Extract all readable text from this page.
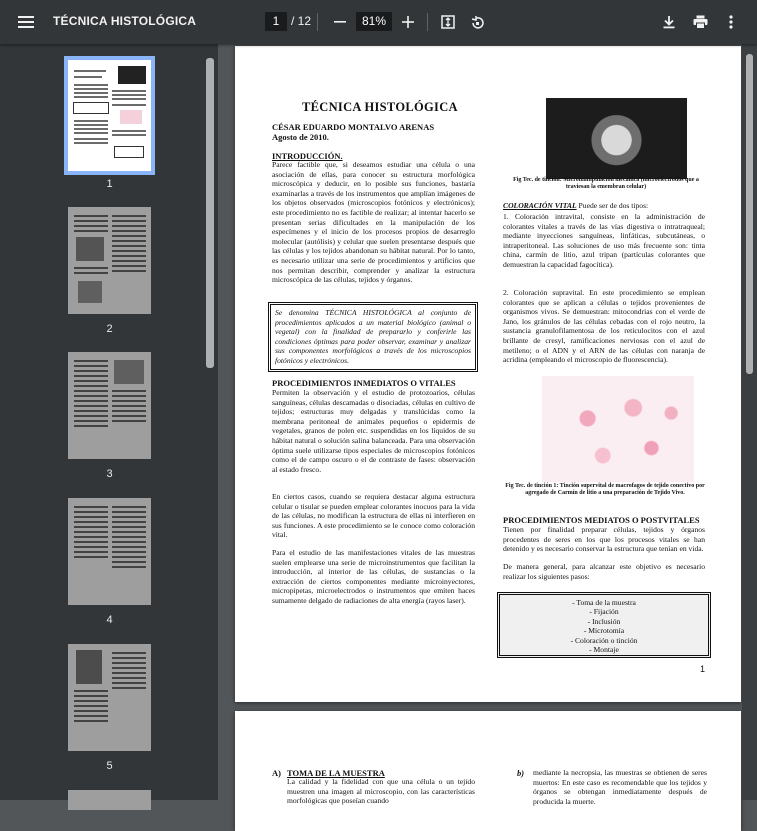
TÉCNICA HISTOLÓGICA	1 / 12	81%
1
2
3
4
5
TÉCNICA HISTOLÓGICA
CÉSAR EDUARDO MONTALVO ARENAS
Agosto de 2010.
INTRODUCCIÓN.
Parece factible que, si deseamos estudiar una célula o una asociación de ellas, para conocer su estructura morfológica microscópica y deducir, en lo posible sus funciones, bastaría examinarlas a través de los instrumentos que amplían imágenes de los objetos observados (microscopios fotónicos y electrónicos); este procedimiento no es factible de realizar; al intentar hacerlo se presentan serias dificultades en la manipulación de los especímenes y el inicio de los procesos propios de desarreglo molecular (autólisis) y celular que suelen presentarse después que las células y los tejidos abandonan su hábitat natural. Por lo tanto, es necesario utilizar una serie de procedimientos y artificios que nos permitan describir, comprender y analizar la estructura microscópica de las células, tejidos y órganos.
Se denomina TÉCNICA HISTOLÓGICA al conjunto de procedimientos aplicados a un material biológico (animal o vegetal) con la finalidad de prepararlo y conferirle las condiciones óptimas para poder observar, examinar y analizar sus componentes morfológicos a través de los microscopios fotónicos y electrónicos.
PROCEDIMIENTOS INMEDIATOS O VITALES
Permiten la observación y el estudio de protozoarios, células sanguíneas, células descamadas o disociadas, células en cultivo de tejidos; estructuras muy delgadas y translúcidas como la membrana peritoneal de animales pequeños o epidermis de vegetales, granos de polen etc. suspendidas en los líquidos de su hábitat natural o solución salina balanceada. Para una observación óptima suele utilizarse tipos especiales de microscopios fotónicos como el de campo oscuro o el de contraste de fases: observación al estado fresco.
En ciertos casos, cuando se requiera destacar alguna estructura celular o tisular se pueden emplear colorantes inocuos para la vida de las células, no modifican la estructura de ellas ni interfieren en sus funciones. A este procedimiento se le conoce como coloración vital.
Para el estudio de las manifestaciones vitales de las muestras suelen emplearse una serie de microinstrumentos que facilitan la introducción, al interior de las células, de sustancias o la extracción de ciertos componentes mediante microinyectores, micropipetas, microelectrodos o instrumentos que emiten haces sumamente delgado de radiaciones de alta energía (rayos laser).
Fig Tec. de tinción: Micromanipulación mecanica (microelectrodos que a traviesan la emembran celular)
COLORACIÓN VITAL Puede ser de dos tipos:
1. Coloración intravital, consiste en la administración de colorantes vitales a través de las vías digestiva o intratraqueal; mediante inyecciones sanguíneas, linfáticas, subcutáneas, o intraperitoneal. Las soluciones de uso más frecuente son: tinta china, carmín de litio, azul tripan (partículas colorantes que demuestran la capacidad fagocítica).
2. Coloración supravital. En este procedimiento se emplean colorantes que se aplican a células o tejidos provenientes de organismos vivos. Se demuestran: mitocondrias con el verde de Jano, los gránulos de las células cebadas con el rojo neutro, la sustancia granulofilamentosa de los reticulocitos con el azul brillante de cresyl, ramificaciones nerviosas con el azul de metileno; o el ADN y el ARN de las células con naranja de acridina (empleando el microscopio de fluorescencia).
Fig Tec. de tinción 1: Tinción supervital de macrofagos de tejido conectivo por agregado de Carmín de litio a una preparación de Tejido Vivo.
PROCEDIMIENTOS MEDIATOS O POSTVITALES
Tienen por finalidad preparar células, tejidos y órganos procedentes de seres en los que los procesos vitales se han detenido y es necesario conservar la estructura que tenían en vida.
De manera general, para alcanzar este objetivo es necesario realizar los siguientes pasos:
- Toma de la muestra
- Fijación
- Inclusión
- Microtomía
- Coloración o tinción
- Montaje
1
A) TOMA DE LA MUESTRA
La calidad y la fidelidad con que una célula o un tejido muestren una imagen al microscopio, con las características morfológicas que poseían cuando
b) mediante la necropsia, las muestras se obtienen de seres muertos: En este caso es recomendable que los tejidos y órganos se obtengan inmediatamente después de producida la muerte.
